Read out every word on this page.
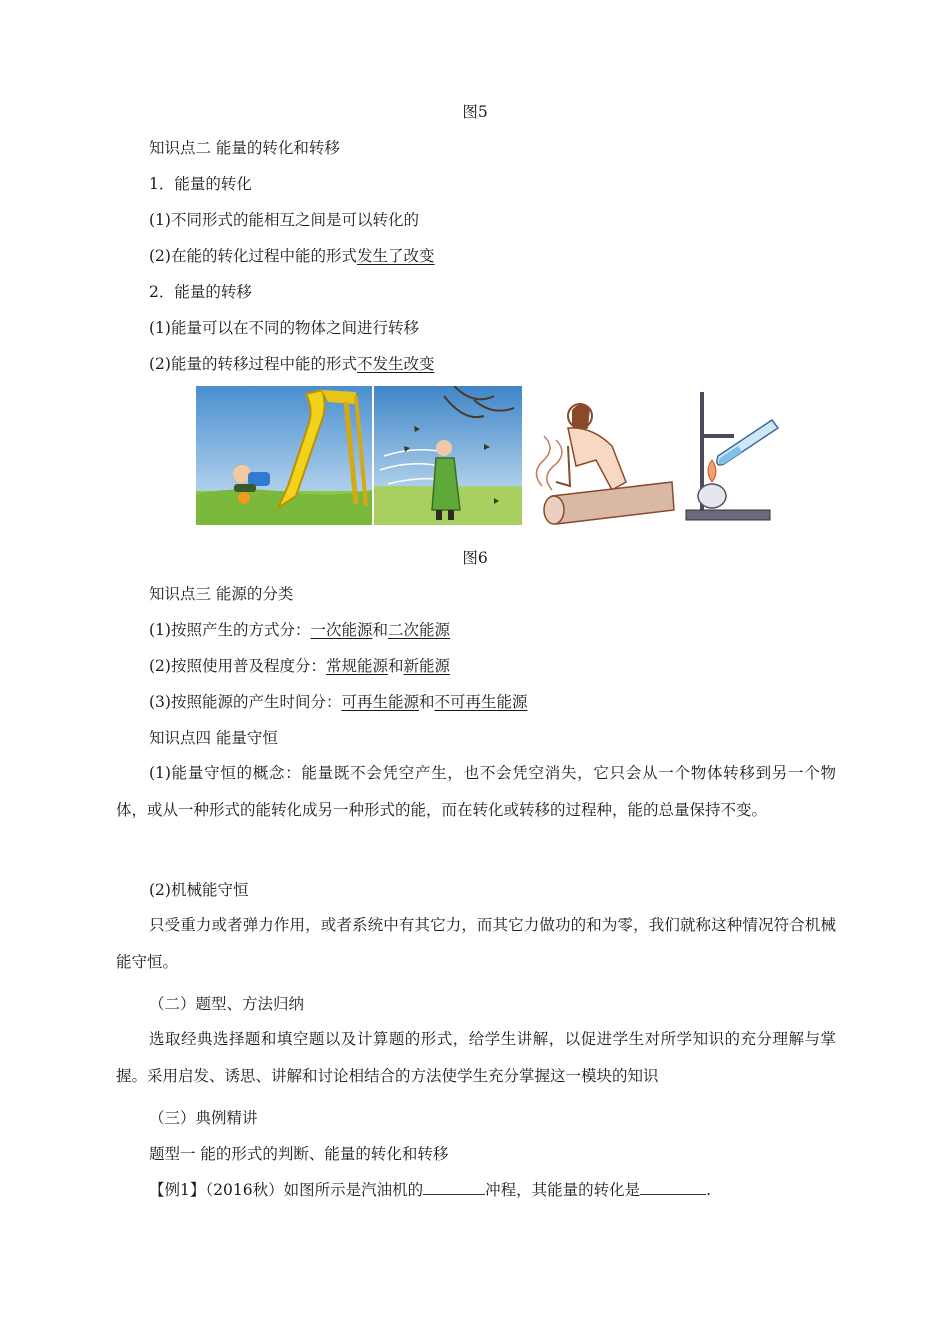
图5
知识点二 能量的转化和转移
1．能量的转化
(1)不同形式的能相互之间是可以转化的
(2)在能的转化过程中能的形式发生了改变
2．能量的转移
(1)能量可以在不同的物体之间进行转移
(2)能量的转移过程中能的形式不发生改变
图6
知识点三 能源的分类
(1)按照产生的方式分：一次能源和二次能源
(2)按照使用普及程度分：常规能源和新能源
(3)按照能源的产生时间分：可再生能源和不可再生能源
知识点四 能量守恒
(1)能量守恒的概念：能量既不会凭空产生，也不会凭空消失，它只会从一个物体转移到另一个物体，或从一种形式的能转化成另一种形式的能，而在转化或转移的过程种，能的总量保持不变。
(2)机械能守恒
只受重力或者弹力作用，或者系统中有其它力，而其它力做功的和为零，我们就称这种情况符合机械能守恒。
（二）题型、方法归纳
选取经典选择题和填空题以及计算题的形式，给学生讲解，以促进学生对所学知识的充分理解与掌握。采用启发、诱思、讲解和讨论相结合的方法使学生充分掌握这一模块的知识
（三）典例精讲
题型一 能的形式的判断、能量的转化和转移
【例1】（2016秋）如图所示是汽油机的	冲程，其能量的转化是	.
